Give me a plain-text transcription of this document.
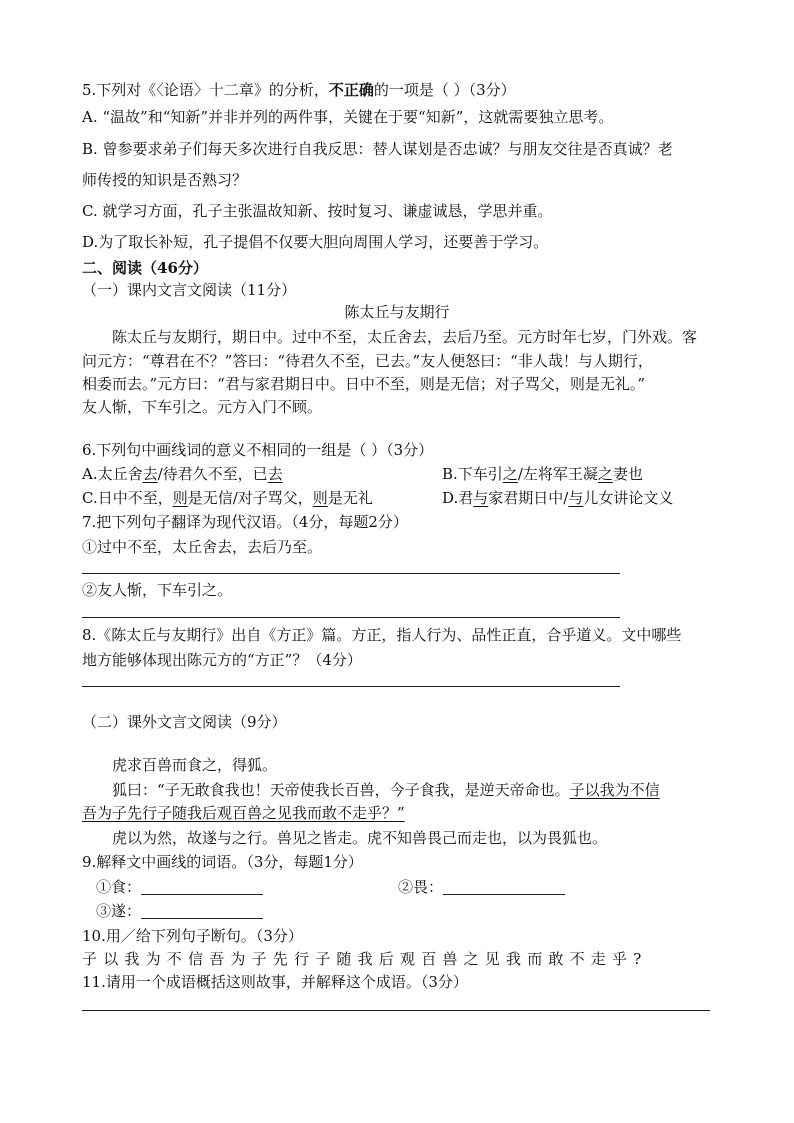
5.下列对《〈论语〉十二章》的分析，不正确的一项是（ ）（3分）
A. “温故”和“知新”并非并列的两件事，关键在于要“知新”，这就需要独立思考。
B. 曾参要求弟子们每天多次进行自我反思：替人谋划是否忠诚？与朋友交往是否真诚？老
师传授的知识是否熟习？
C. 就学习方面，孔子主张温故知新、按时复习、谦虚诚恳，学思并重。
D.为了取长补短，孔子提倡不仅要大胆向周围人学习，还要善于学习。
二、阅读（46分）
（一）课内文言文阅读（11分）
陈太丘与友期行
陈太丘与友期行，期日中。过中不至，太丘舍去，去后乃至。元方时年七岁，门外戏。客
问元方：“尊君在不？”答曰：“待君久不至，已去。”友人便怒曰：“非人哉！与人期行，
相委而去。”元方曰：“君与家君期日中。日中不至，则是无信；对子骂父，则是无礼。”
友人惭，下车引之。元方入门不顾。
6.下列句中画线词的意义不相同的一组是（ ）（3分）
A.太丘舍去/待君久不至，已去	B.下车引之/左将军王凝之妻也
C.日中不至，则是无信/对子骂父，则是无礼	D.君与家君期日中/与儿女讲论文义
7.把下列句子翻译为现代汉语。（4分，每题2分）
①过中不至，太丘舍去，去后乃至。
②友人惭，下车引之。
8.《陈太丘与友期行》出自《方正》篇。方正，指人行为、品性正直，合乎道义。文中哪些
地方能够体现出陈元方的“方正”？（4分）
（二）课外文言文阅读（9分）
虎求百兽而食之，得狐。
狐曰：“子无敢食我也！天帝使我长百兽，今子食我，是逆天帝命也。子以我为不信
吾为子先行子随我后观百兽之见我而敢不走乎？”
虎以为然，故遂与之行。兽见之皆走。虎不知兽畏己而走也，以为畏狐也。
9.解释文中画线的词语。（3分，每题1分）
①食：	②畏：
③遂：
10.用／给下列句子断句。（3分）
子以我为不信吾为子先行子随我后观百兽之见我而敢不走乎?
11.请用一个成语概括这则故事，并解释这个成语。（3分）
